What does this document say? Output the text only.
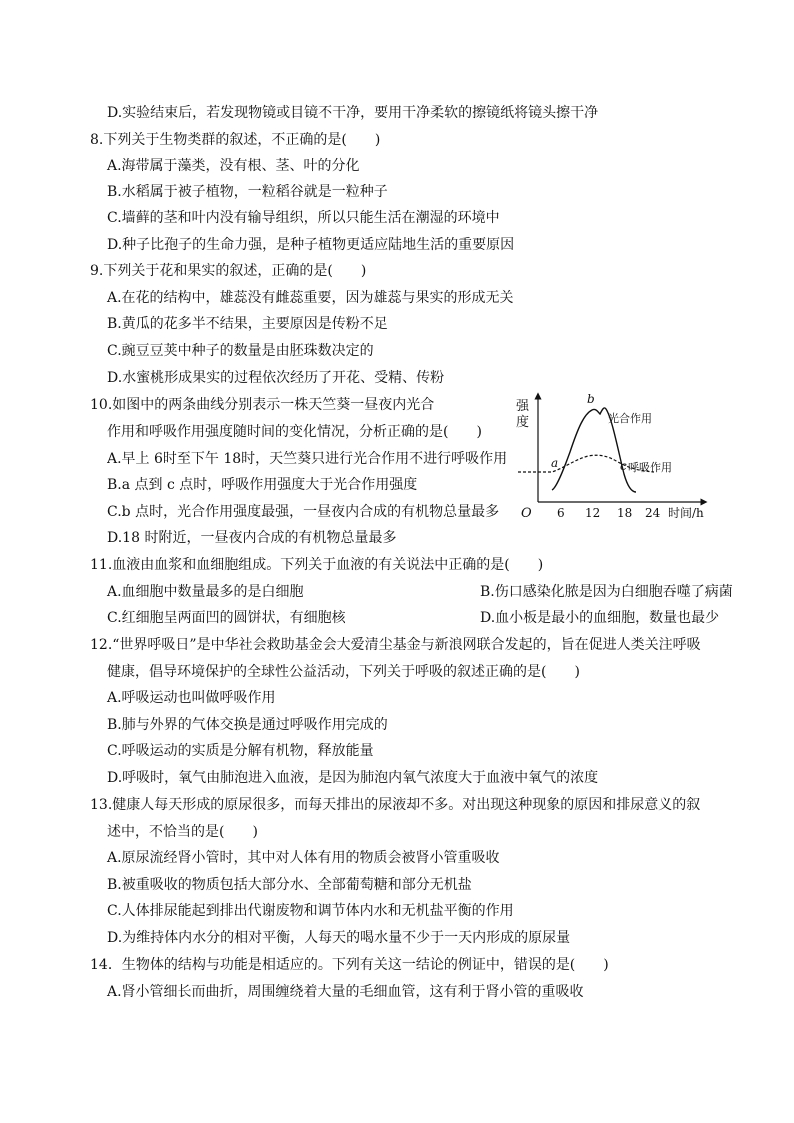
D.实验结束后，若发现物镜或目镜不干净，要用干净柔软的擦镜纸将镜头擦干净
8.下列关于生物类群的叙述，不正确的是(　　)
A.海带属于藻类，没有根、茎、叶的分化
B.水稻属于被子植物，一粒稻谷就是一粒种子
C.墙藓的茎和叶内没有输导组织，所以只能生活在潮湿的环境中
D.种子比孢子的生命力强，是种子植物更适应陆地生活的重要原因
9.下列关于花和果实的叙述，正确的是(　　)
A.在花的结构中，雄蕊没有雌蕊重要，因为雄蕊与果实的形成无关
B.黄瓜的花多半不结果，主要原因是传粉不足
C.豌豆豆荚中种子的数量是由胚珠数决定的
D.水蜜桃形成果实的过程依次经历了开花、受精、传粉
10.如图中的两条曲线分别表示一株天竺葵一昼夜内光合
作用和呼吸作用强度随时间的变化情况，分析正确的是(　　)
A.早上 6时至下午 18时，天竺葵只进行光合作用不进行呼吸作用
B.a 点到 c 点时，呼吸作用强度大于光合作用强度
C.b 点时，光合作用强度最强，一昼夜内合成的有机物总量最多
D.18 时附近，一昼夜内合成的有机物总量最多
强
度
O 6 12 18 24 时间/h
a
b
c
光合作用
呼吸作用
11.血液由血浆和血细胞组成。下列关于血液的有关说法中正确的是(　　)
A.血细胞中数量最多的是白细胞	B.伤口感染化脓是因为白细胞吞噬了病菌
C.红细胞呈两面凹的圆饼状，有细胞核	D.血小板是最小的血细胞，数量也最少
12.“世界呼吸日”是中华社会救助基金会大爱清尘基金与新浪网联合发起的，旨在促进人类关注呼吸
健康，倡导环境保护的全球性公益活动，下列关于呼吸的叙述正确的是(　　)
A.呼吸运动也叫做呼吸作用
B.肺与外界的气体交换是通过呼吸作用完成的
C.呼吸运动的实质是分解有机物，释放能量
D.呼吸时，氧气由肺泡进入血液，是因为肺泡内氧气浓度大于血液中氧气的浓度
13.健康人每天形成的原尿很多，而每天排出的尿液却不多。对出现这种现象的原因和排尿意义的叙
述中，不恰当的是(　　)
A.原尿流经肾小管时，其中对人体有用的物质会被肾小管重吸收
B.被重吸收的物质包括大部分水、全部葡萄糖和部分无机盐
C.人体排尿能起到排出代谢废物和调节体内水和无机盐平衡的作用
D.为维持体内水分的相对平衡，人每天的喝水量不少于一天内形成的原尿量
14．生物体的结构与功能是相适应的。下列有关这一结论的例证中，错误的是(　　)
A.肾小管细长而曲折，周围缠绕着大量的毛细血管，这有利于肾小管的重吸收
